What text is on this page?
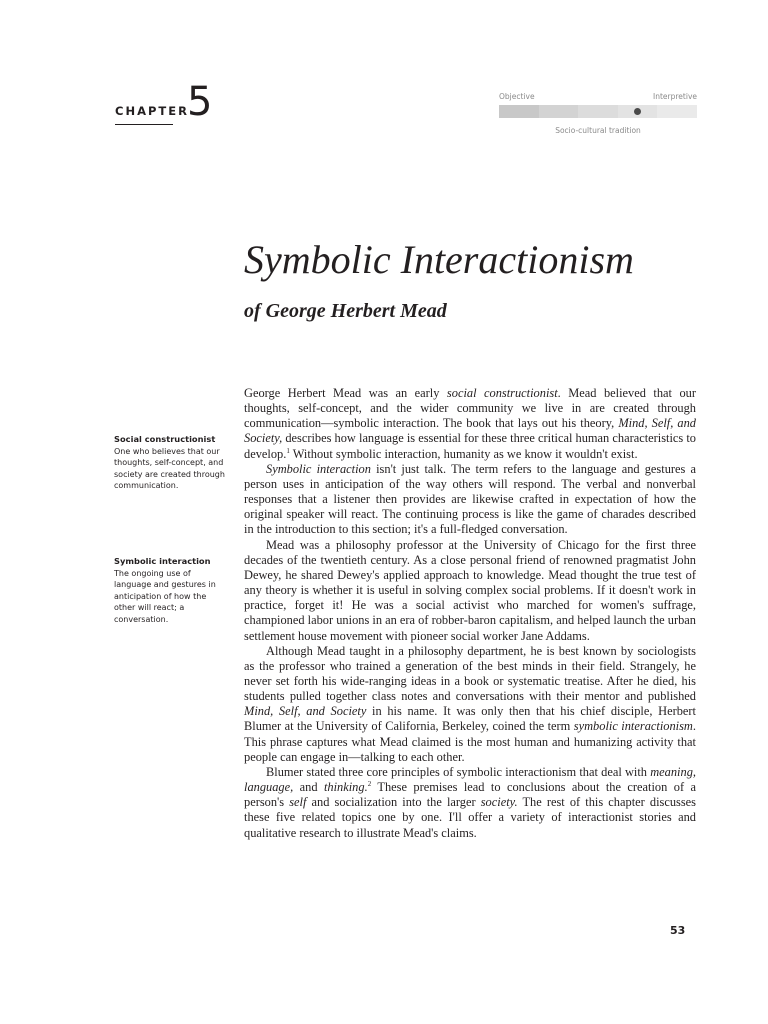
CHAPTER
5	Objective	Interpretive
Socio-cultural tradition
Symbolic Interactionism
of George Herbert Mead
Social constructionist
One who believes that our thoughts, self-concept, and society are created through communication.
Symbolic interaction
The ongoing use of language and gestures in anticipation of how the other will react; a conversation.

George Herbert Mead was an early social constructionist. Mead believed that our thoughts, self-concept, and the wider community we live in are created through communication—symbolic interaction. The book that lays out his theory, Mind, Self, and Society, describes how language is essential for these three critical human characteristics to develop.$^1$ Without symbolic interaction, humanity as we know it wouldn't exist.

Symbolic interaction isn't just talk. The term refers to the language and gestures a person uses in anticipation of the way others will respond. The verbal and nonverbal responses that a listener then provides are likewise crafted in expectation of how the original speaker will react. The continuing process is like the game of charades described in the introduction to this section; it's a full-fledged conversation.

Mead was a philosophy professor at the University of Chicago for the first three decades of the twentieth century. As a close personal friend of renowned pragmatist John Dewey, he shared Dewey's applied approach to knowledge. Mead thought the true test of any theory is whether it is useful in solving complex social problems. If it doesn't work in practice, forget it! He was a social activist who marched for women's suffrage, championed labor unions in an era of robber-baron capitalism, and helped launch the urban settlement house movement with pioneer social worker Jane Addams.

Although Mead taught in a philosophy department, he is best known by sociologists as the professor who trained a generation of the best minds in their field. Strangely, he never set forth his wide-ranging ideas in a book or systematic treatise. After he died, his students pulled together class notes and conversations with their mentor and published Mind, Self, and Society in his name. It was only then that his chief disciple, Herbert Blumer at the University of California, Berkeley, coined the term symbolic interactionism. This phrase captures what Mead claimed is the most human and humanizing activity that people can engage in—talking to each other.

Blumer stated three core principles of symbolic interactionism that deal with meaning, language, and thinking.$^2$ These premises lead to conclusions about the creation of a person's self and socialization into the larger society. The rest of this chapter discusses these five related topics one by one. I'll offer a variety of interactionist stories and qualitative research to illustrate Mead's claims.

53
